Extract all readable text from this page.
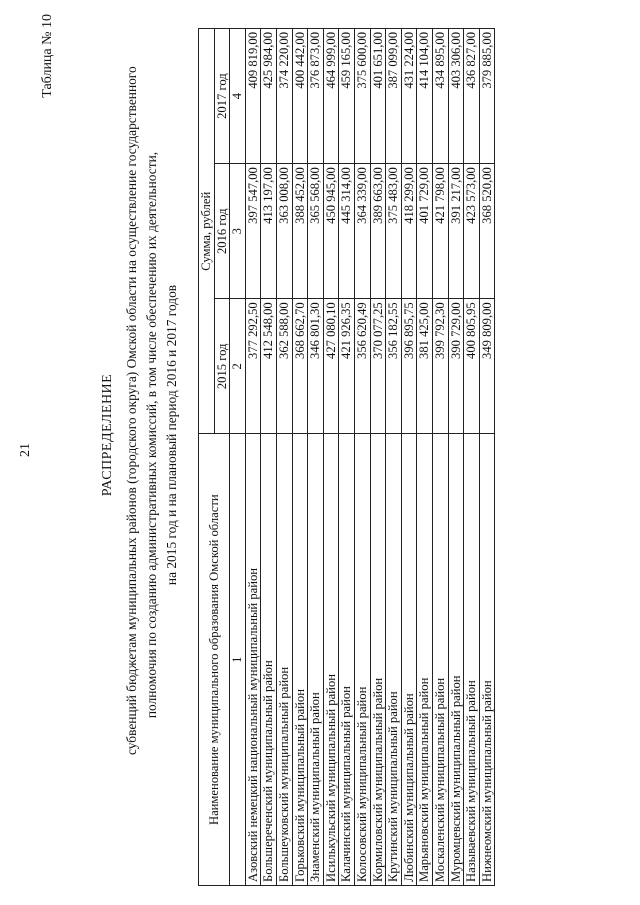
21
Таблица № 10
РАСПРЕДЕЛЕНИЕ субвенций бюджетам муниципальных районов (городского округа) Омской области на осуществление государственного полномочия по созданию административных комиссий, в том числе обеспечению их деятельности, на 2015 год и на плановый период 2016 и 2017 годов
Наименование муниципального образования Омской области	Сумма, рублей		
	2015 год	2016 год	2017 год
1	2	3	4
Азовский немецкий национальный муниципальный район	377 292,50	397 547,00	409 819,00
Большереченский муниципальный район	412 548,00	413 197,00	425 984,00
Большеуковский муниципальный район	362 588,00	363 008,00	374 220,00
Горьковский муниципальный район	368 662,70	388 452,00	400 442,00
Знаменский муниципальный район	346 801,30	365 568,00	376 873,00
Исилькульский муниципальный район	427 080,10	450 945,00	464 999,00
Калачинский муниципальный район	421 926,35	445 314,00	459 165,00
Колосовский муниципальный район	356 620,49	364 339,00	375 600,00
Кормиловский муниципальный район	370 077,25	389 663,00	401 651,00
Крутинский муниципальный район	356 182,55	375 483,00	387 099,00
Любинский муниципальный район	396 895,75	418 299,00	431 224,00
Марьяновский муниципальный район	381 425,00	401 729,00	414 104,00
Москаленский муниципальный район	399 792,30	421 798,00	434 895,00
Муромцевский муниципальный район	390 729,00	391 217,00	403 306,00
Называевский муниципальный район	400 805,95	423 573,00	436 827,00
Нижнеомский муниципальный район	349 809,00	368 520,00	379 885,00
